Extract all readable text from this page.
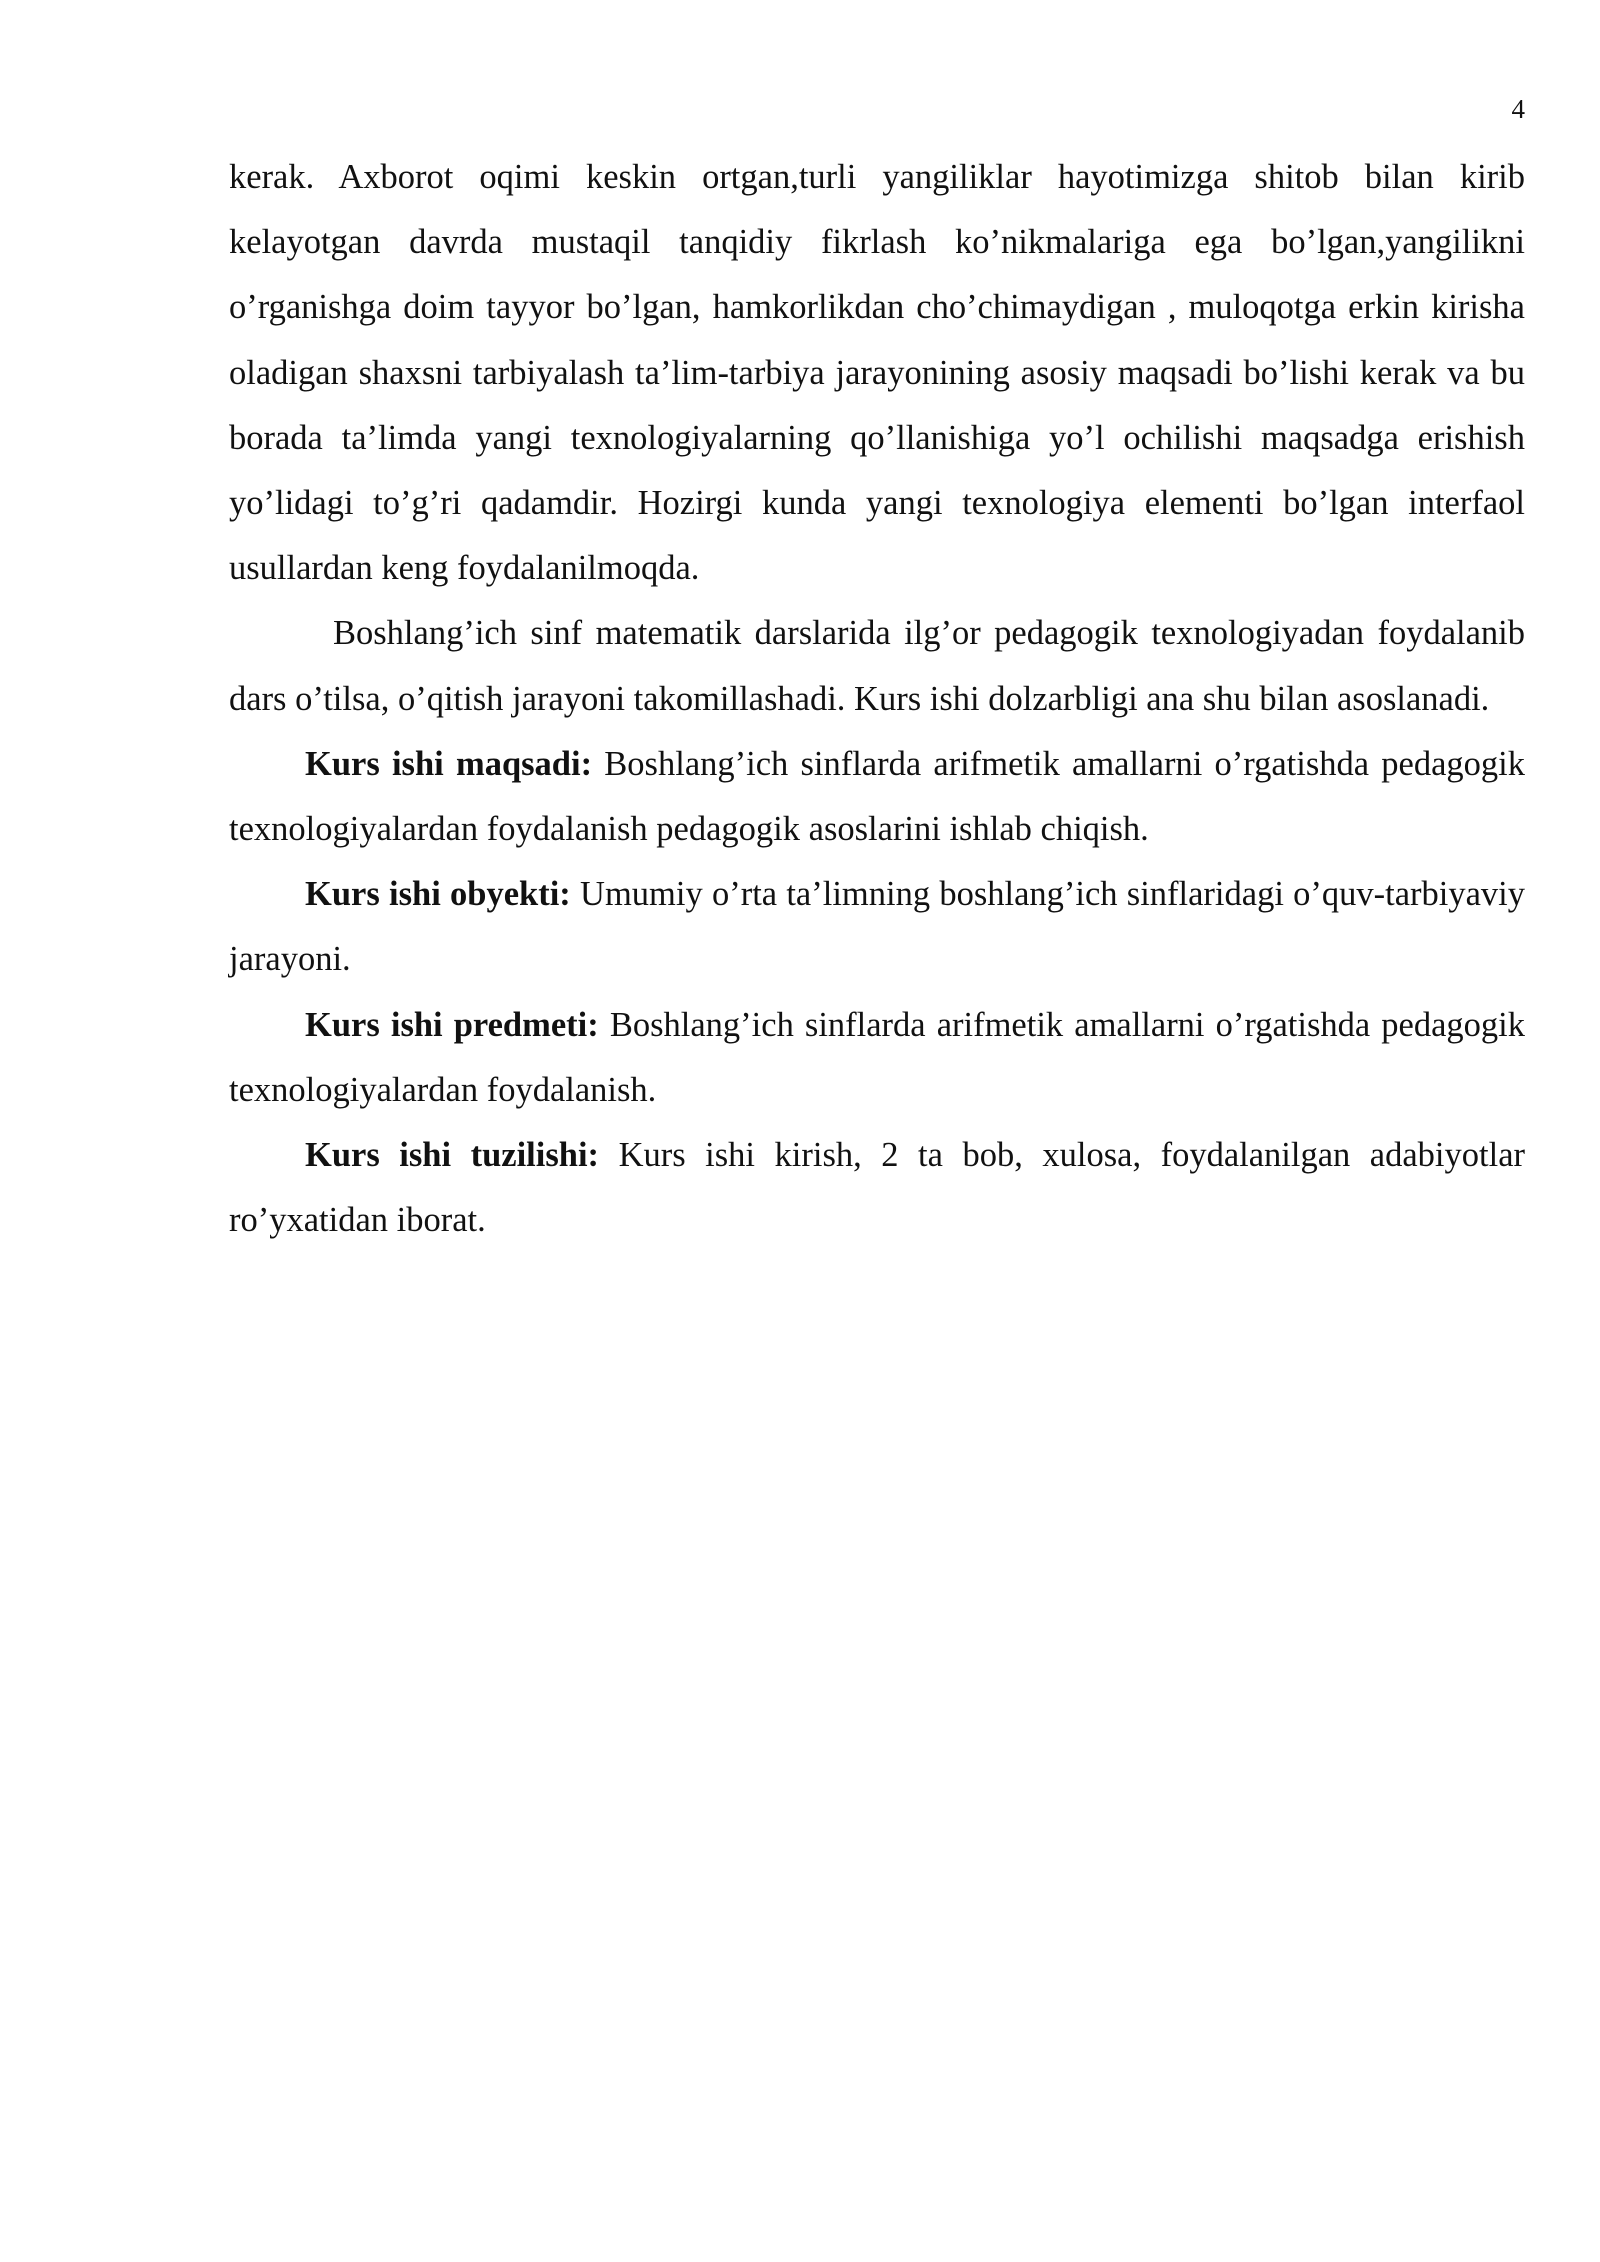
4

kerak. Axborot oqimi keskin ortgan,turli yangiliklar hayotimizga shitob bilan kirib kelayotgan davrda mustaqil tanqidiy fikrlash ko’nikmalariga ega bo’lgan,yangilikni o’rganishga doim tayyor bo’lgan, hamkorlikdan cho’chimaydigan , muloqotga erkin kirisha oladigan shaxsni tarbiyalash ta’lim-tarbiya jarayonining asosiy maqsadi bo’lishi kerak va bu borada ta’limda yangi texnologiyalarning qo’llanishiga yo’l ochilishi maqsadga erishish yo’lidagi to’g’ri qadamdir. Hozirgi kunda yangi texnologiya elementi bo’lgan interfaol usullardan keng foydalanilmoqda.

Boshlang’ich sinf matematik darslarida ilg’or pedagogik texnologiyadan foydalanib dars o’tilsa, o’qitish jarayoni takomillashadi. Kurs ishi dolzarbligi ana shu bilan asoslanadi.

Kurs ishi maqsadi: Boshlang’ich sinflarda arifmetik amallarni o’rgatishda pedagogik texnologiyalardan foydalanish pedagogik asoslarini ishlab chiqish.

Kurs ishi obyekti: Umumiy o’rta ta’limning boshlang’ich sinflaridagi o’quv-tarbiyaviy jarayoni.

Kurs ishi predmeti: Boshlang’ich sinflarda arifmetik amallarni o’rgatishda pedagogik texnologiyalardan foydalanish.

Kurs ishi tuzilishi: Kurs ishi kirish, 2 ta bob, xulosa, foydalanilgan adabiyotlar ro’yxatidan iborat.
